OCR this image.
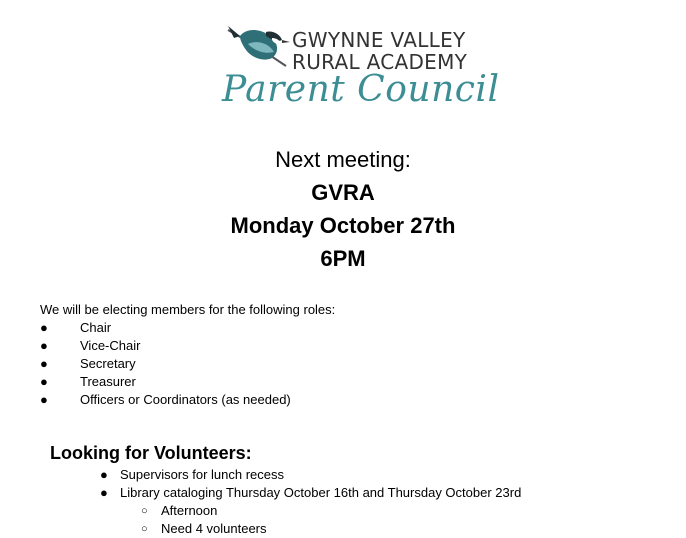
GWYNNE VALLEY
RURAL ACADEMY
Parent Council
Next meeting:
GVRA
Monday October 27th
6PM
We will be electing members for the following roles:
● Chair
● Vice-Chair
● Secretary
● Treasurer
● Officers or Coordinators (as needed)
Looking for Volunteers:
● Supervisors for lunch recess
● Library cataloging Thursday October 16th and Thursday October 23rd
○ Afternoon
○ Need 4 volunteers
